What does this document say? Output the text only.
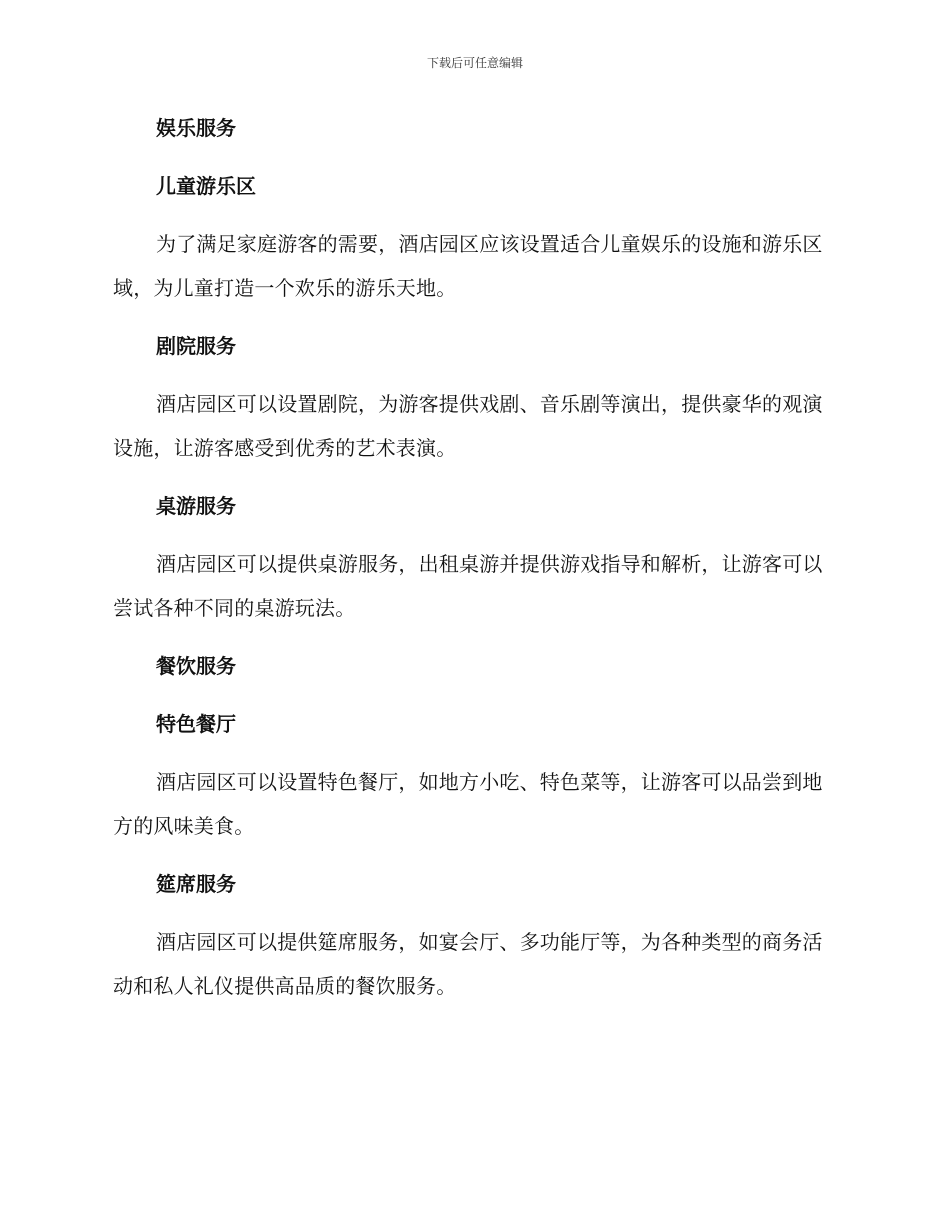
下载后可任意编辑
娱乐服务
儿童游乐区
为了满足家庭游客的需要，酒店园区应该设置适合儿童娱乐的设施和游乐区域，为儿童打造一个欢乐的游乐天地。
剧院服务
酒店园区可以设置剧院，为游客提供戏剧、音乐剧等演出，提供豪华的观演设施，让游客感受到优秀的艺术表演。
桌游服务
酒店园区可以提供桌游服务，出租桌游并提供游戏指导和解析，让游客可以尝试各种不同的桌游玩法。
餐饮服务
特色餐厅
酒店园区可以设置特色餐厅，如地方小吃、特色菜等，让游客可以品尝到地方的风味美食。
筵席服务
酒店园区可以提供筵席服务，如宴会厅、多功能厅等，为各种类型的商务活动和私人礼仪提供高品质的餐饮服务。
